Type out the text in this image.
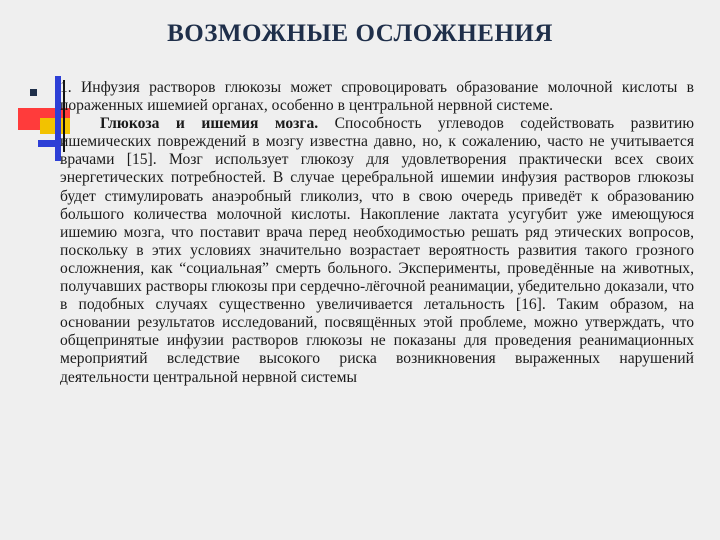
ВОЗМОЖНЫЕ ОСЛОЖНЕНИЯ

1. Инфузия растворов глюкозы может спровоцировать образование молочной кислоты в пораженных ишемией органах, особенно в центральной нервной системе.

Глюкоза и ишемия мозга. Способность углеводов содействовать развитию ишемических повреждений в мозгу известна давно, но, к сожалению, часто не учитывается врачами [15]. Мозг использует глюкозу для удовлетворения практически всех своих энергетических потребностей. В случае церебральной ишемии инфузия растворов глюкозы будет стимулировать анаэробный гликолиз, что в свою очередь приведёт к образованию большого количества молочной кислоты. Накопление лактата усугубит уже имеющуюся ишемию мозга, что поставит врача перед необходимостью решать ряд этических вопросов, поскольку в этих условиях значительно возрастает вероятность развития такого грозного осложнения, как “социальная” смерть больного. Эксперименты, проведённые на животных, получавших растворы глюкозы при сердечно-лёгочной реанимации, убедительно доказали, что в подобных случаях существенно увеличивается летальность [16]. Таким образом, на основании результатов исследований, посвящённых этой проблеме, можно утверждать, что общепринятые инфузии растворов глюкозы не показаны для проведения реанимационных мероприятий вследствие высокого риска возникновения выраженных нарушений деятельности центральной нервной системы
